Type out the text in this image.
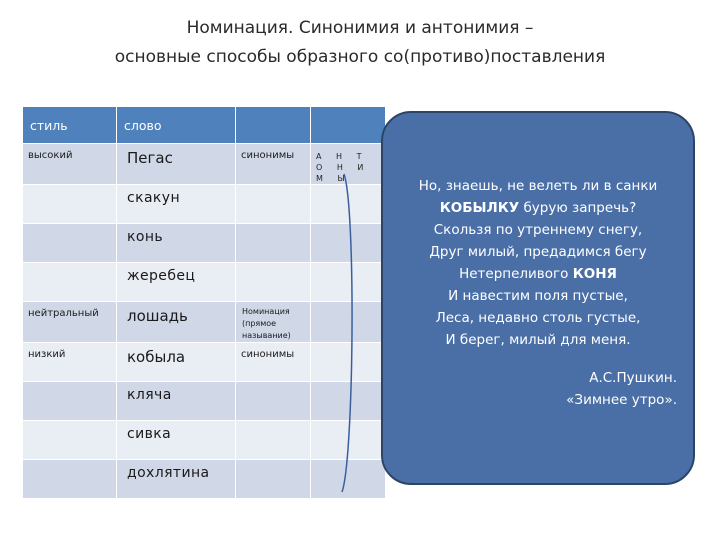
Номинация. Синонимия и антонимия –
основные способы образного со(противо)поставления
стиль	слово		

высокий	Пегас	синонимы	А Н Т О Н И М Ы

	скакун		

	конь		

	жеребец		

нейтральный	лошадь	Номинация (прямое называние)	

низкий	кобыла	синонимы	

	кляча		

	сивка		

	дохлятина		

Но, знаешь, не велеть ли в санки
КОБЫЛКУ бурую запречь?
Скользя по утреннему снегу,
Друг милый, предадимся бегу
Нетерпеливого КОНЯ
И навестим поля пустые,
Леса, недавно столь густые,
И берег, милый для меня.
А.С.Пушкин.
«Зимнее утро».
